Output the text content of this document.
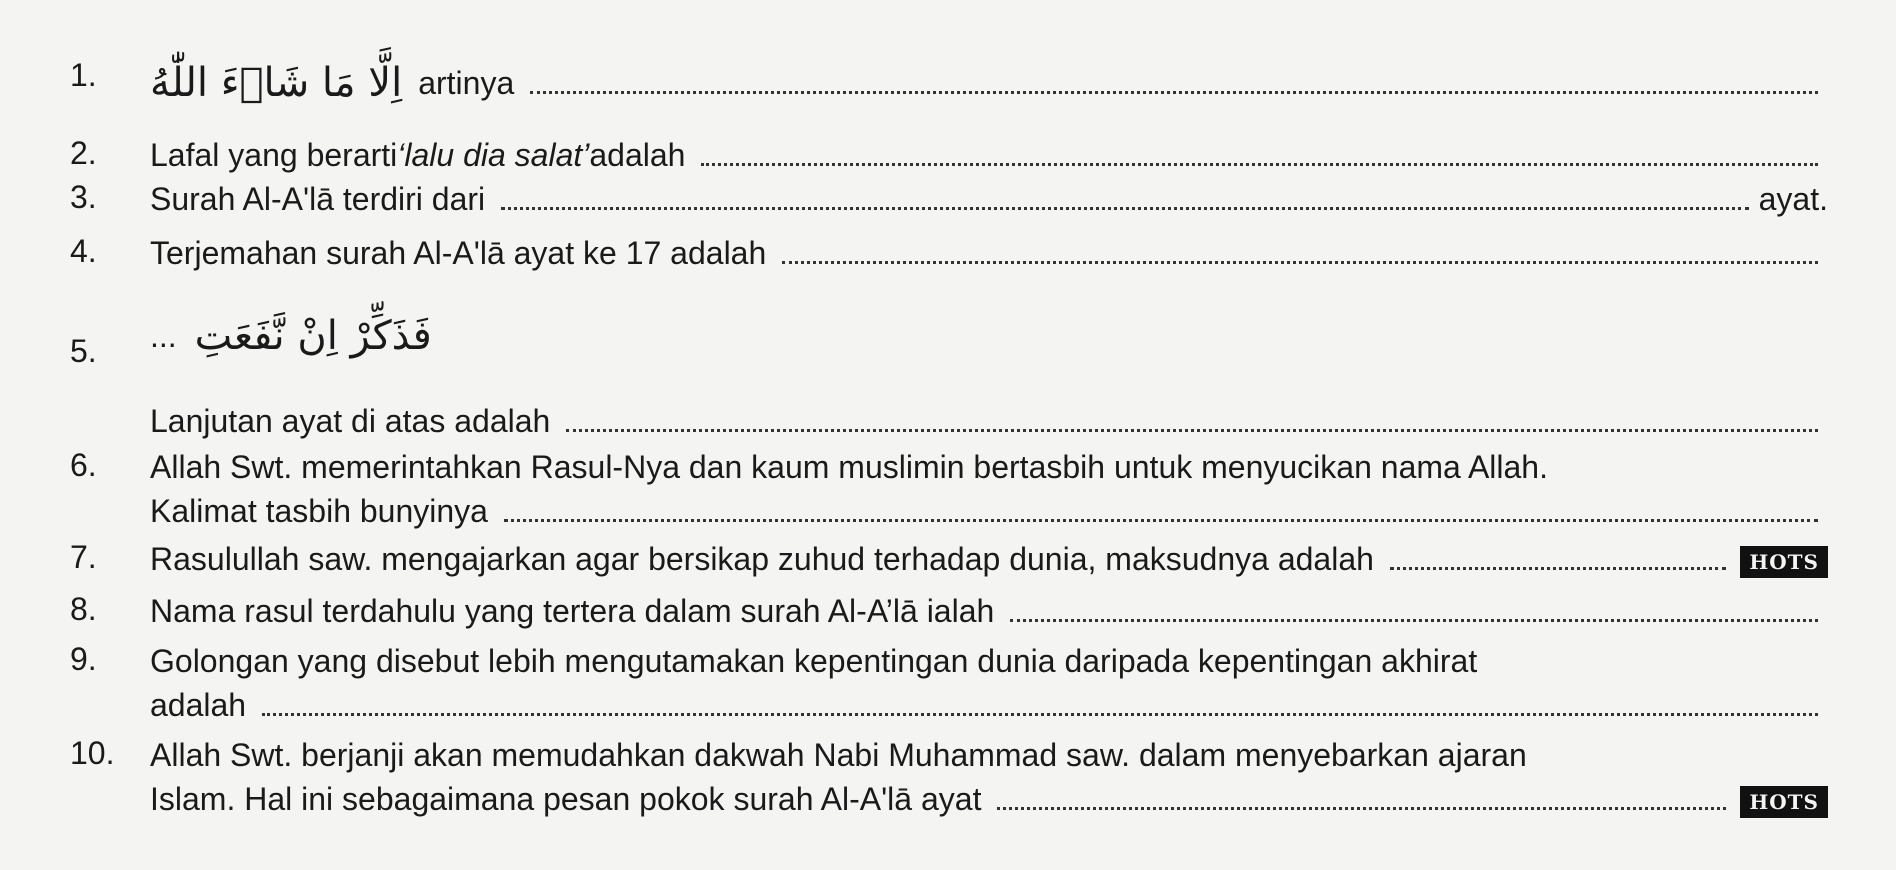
1.	اِلَّا مَا شَاۤءَ اللّٰهُ artinya
2.	Lafal yang berarti ‘lalu dia salat’ adalah
3.	Surah Al-A'lā terdiri dari	ayat.
4.	Terjemahan surah Al-A'lā ayat ke 17 adalah
5.	... فَذَكِّرْ اِنْ نَّفَعَتِ
Lanjutan ayat di atas adalah
6.	Allah Swt. memerintahkan Rasul-Nya dan kaum muslimin bertasbih untuk menyucikan nama Allah.
Kalimat tasbih bunyinya
7.	Rasulullah saw. mengajarkan agar bersikap zuhud terhadap dunia, maksudnya adalah	HOTS
8.	Nama rasul terdahulu yang tertera dalam surah Al-A’lā ialah
9.	Golongan yang disebut lebih mengutamakan kepentingan dunia daripada kepentingan akhirat
adalah
10.	Allah Swt. berjanji akan memudahkan dakwah Nabi Muhammad saw. dalam menyebarkan ajaran
Islam. Hal ini sebagaimana pesan pokok surah Al-A'lā ayat	HOTS
